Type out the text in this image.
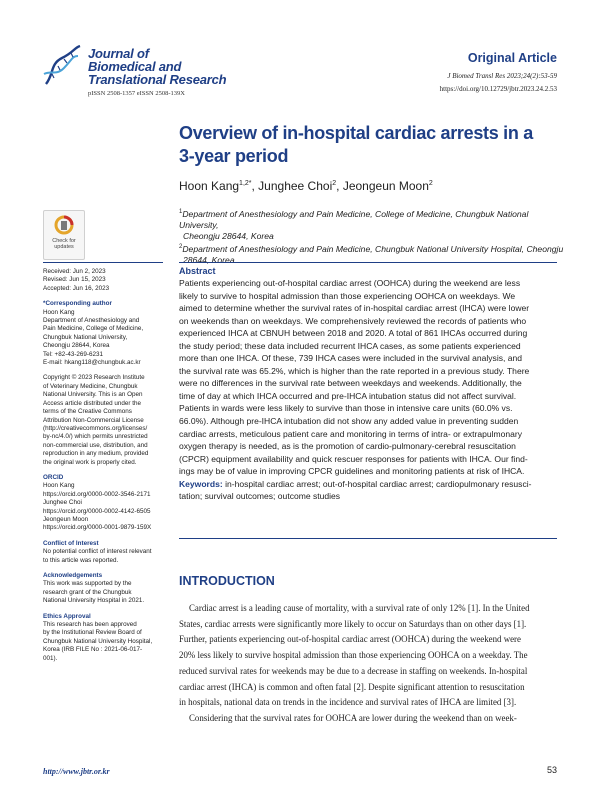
Journal of
Biomedical and
Translational Research
pISSN 2508-1357 eISSN 2508-139X
Original Article
J Biomed Transl Res 2023;24(2):53-59
https://doi.org/10.12729/jbtr.2023.24.2.53
Overview of in-hospital cardiac arrests in a
3-year period
Hoon Kang$^{1,2*}$, Junghee Choi$^2$, Jeongeun Moon$^2$
$^1$Department of Anesthesiology and Pain Medicine, College of Medicine, Chungbuk National University,
Cheongju 28644, Korea
$^2$Department of Anesthesiology and Pain Medicine, Chungbuk National University Hospital, Cheongju
28644, Korea
Check for
updates
Received: Jun 2, 2023
Revised: Jun 15, 2023
Accepted: Jun 16, 2023
*Corresponding author
Hoon Kang
Department of Anesthesiology and
Pain Medicine, College of Medicine,
Chungbuk National University,
Cheongju 28644, Korea
Tel: +82-43-269-6231
E-mail: hkang118@chungbuk.ac.kr
Copyright © 2023 Research Institute
of Veterinary Medicine, Chungbuk
National University. This is an Open
Access article distributed under the
terms of the Creative Commons
Attribution Non-Commercial License
(http://creativecommons.org/licenses/
by-nc/4.0/) which permits unrestricted
non-commercial use, distribution, and
reproduction in any medium, provided
the original work is properly cited.
ORCID
Hoon Kang
https://orcid.org/0000-0002-3546-2171
Junghee Choi
https://orcid.org/0000-0002-4142-6505
Jeongeun Moon
https://orcid.org/0000-0001-9879-159X
Conflict of Interest
No potential conflict of interest relevant
to this article was reported.
Acknowledgements
This work was supported by the
research grant of the Chungbuk
National University Hospital in 2021.
Ethics Approval
This research has been approved
by the Institutional Review Board of
Chungbuk National University Hospital,
Korea (IRB FILE No : 2021-06-017-
001).
Abstract
Patients experiencing out-of-hospital cardiac arrest (OOHCA) during the weekend are less
likely to survive to hospital admission than those experiencing OOHCA on weekdays. We
aimed to determine whether the survival rates of in-hospital cardiac arrest (IHCA) were lower
on weekends than on weekdays. We comprehensively reviewed the records of patients who
experienced IHCA at CBNUH between 2018 and 2020. A total of 861 IHCAs occurred during
the study period; these data included recurrent IHCA cases, as some patients experienced
more than one IHCA. Of these, 739 IHCA cases were included in the survival analysis, and
the survival rate was 65.2%, which is higher than the rate reported in a previous study. There
were no differences in the survival rate between weekdays and weekends. Additionally, the
time of day at which IHCA occurred and pre-IHCA intubation status did not affect survival.
Patients in wards were less likely to survive than those in intensive care units (60.0% vs.
66.0%). Although pre-IHCA intubation did not show any added value in preventing sudden
cardiac arrests, meticulous patient care and monitoring in terms of intra- or extrapulmonary
oxygen therapy is needed, as is the promotion of cardio-pulmonary-cerebral resuscitation
(CPCR) equipment availability and quick rescuer responses for patients with IHCA. Our find-
ings may be of value in improving CPCR guidelines and monitoring patients at risk of IHCA.
Keywords: in-hospital cardiac arrest; out-of-hospital cardiac arrest; cardiopulmonary resusci-
tation; survival outcomes; outcome studies
INTRODUCTION
Cardiac arrest is a leading cause of mortality, with a survival rate of only 12% [1]. In the United
States, cardiac arrests were significantly more likely to occur on Saturdays than on other days [1].
Further, patients experiencing out-of-hospital cardiac arrest (OOHCA) during the weekend were
20% less likely to survive hospital admission than those experiencing OOHCA on a weekday. The
reduced survival rates for weekends may be due to a decrease in staffing on weekends. In-hospital
cardiac arrest (IHCA) is common and often fatal [2]. Despite significant attention to resuscitation
in hospitals, national data on trends in the incidence and survival rates of IHCA are limited [3].
Considering that the survival rates for OOHCA are lower during the weekend than on week-
http://www.jbtr.or.kr	53
